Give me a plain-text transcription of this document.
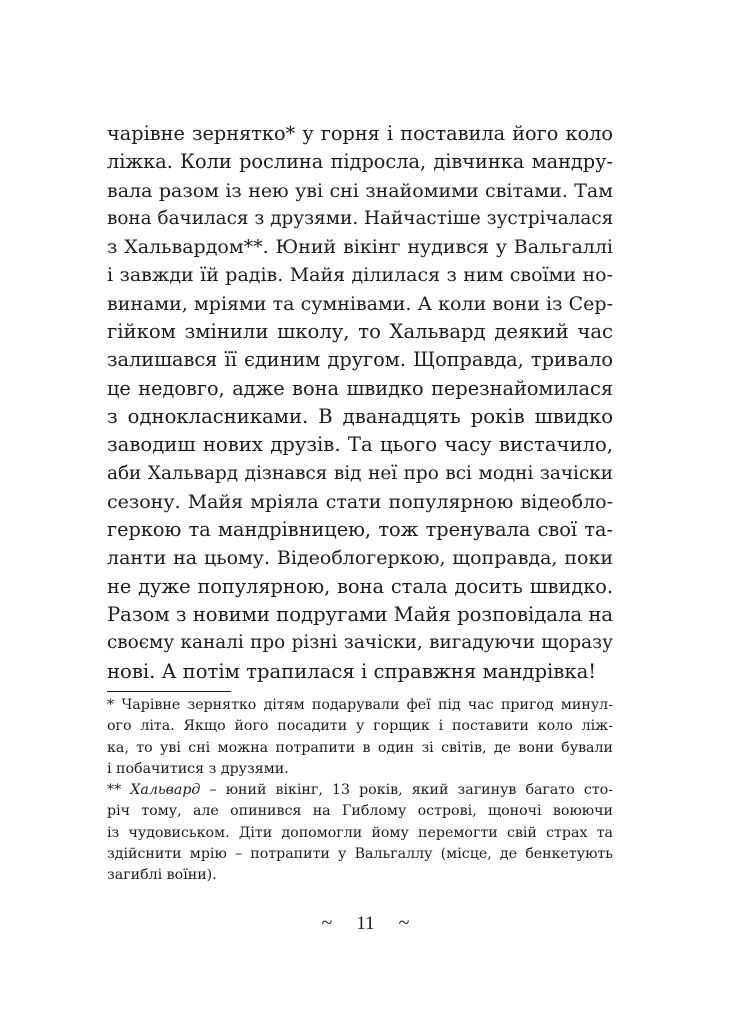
чарівне зернятко* у горня і поставила його коло
ліжка. Коли рослина підросла, дівчинка мандру-
вала разом із нею уві сні знайомими світами. Там
вона бачилася з друзями. Найчастіше зустрічалася
з Хальвардом**. Юний вікінг нудився у Вальгаллі
і завжди їй радів. Майя ділилася з ним своїми но-
винами, мріями та сумнівами. А коли вони із Сер-
гійком змінили школу, то Хальвард деякий час
залишався її єдиним другом. Щоправда, тривало
це недовго, адже вона швидко перезнайомилася
з однокласниками. В дванадцять років швидко
заводиш нових друзів. Та цього часу вистачило,
аби Хальвард дізнався від неї про всі модні зачіски
сезону. Майя мріяла стати популярною відеобло-
геркою та мандрівницею, тож тренувала свої та-
ланти на цьому. Відеоблогеркою, щоправда, поки
не дуже популярною, вона стала досить швидко.
Разом з новими подругами Майя розповідала на
своєму каналі про різні зачіски, вигадуючи щоразу
нові. А потім трапилася і справжня мандрівка!
* Чарівне зернятко дітям подарували феї під час пригод минул-
ого літа. Якщо його посадити у горщик і поставити коло ліж-
ка, то уві сні можна потрапити в один зі світів, де вони бували
і побачитися з друзями.
** Хальвард – юний вікінг, 13 років, який загинув багато сто-
річ тому, але опинився на Гиблому острові, щоночі воюючи
із чудовиськом. Діти допомогли йому перемогти свій страх та
здійснити мрію – потрапити у Вальгаллу (місце, де бенкетують
загиблі воїни).
~ 11 ~
